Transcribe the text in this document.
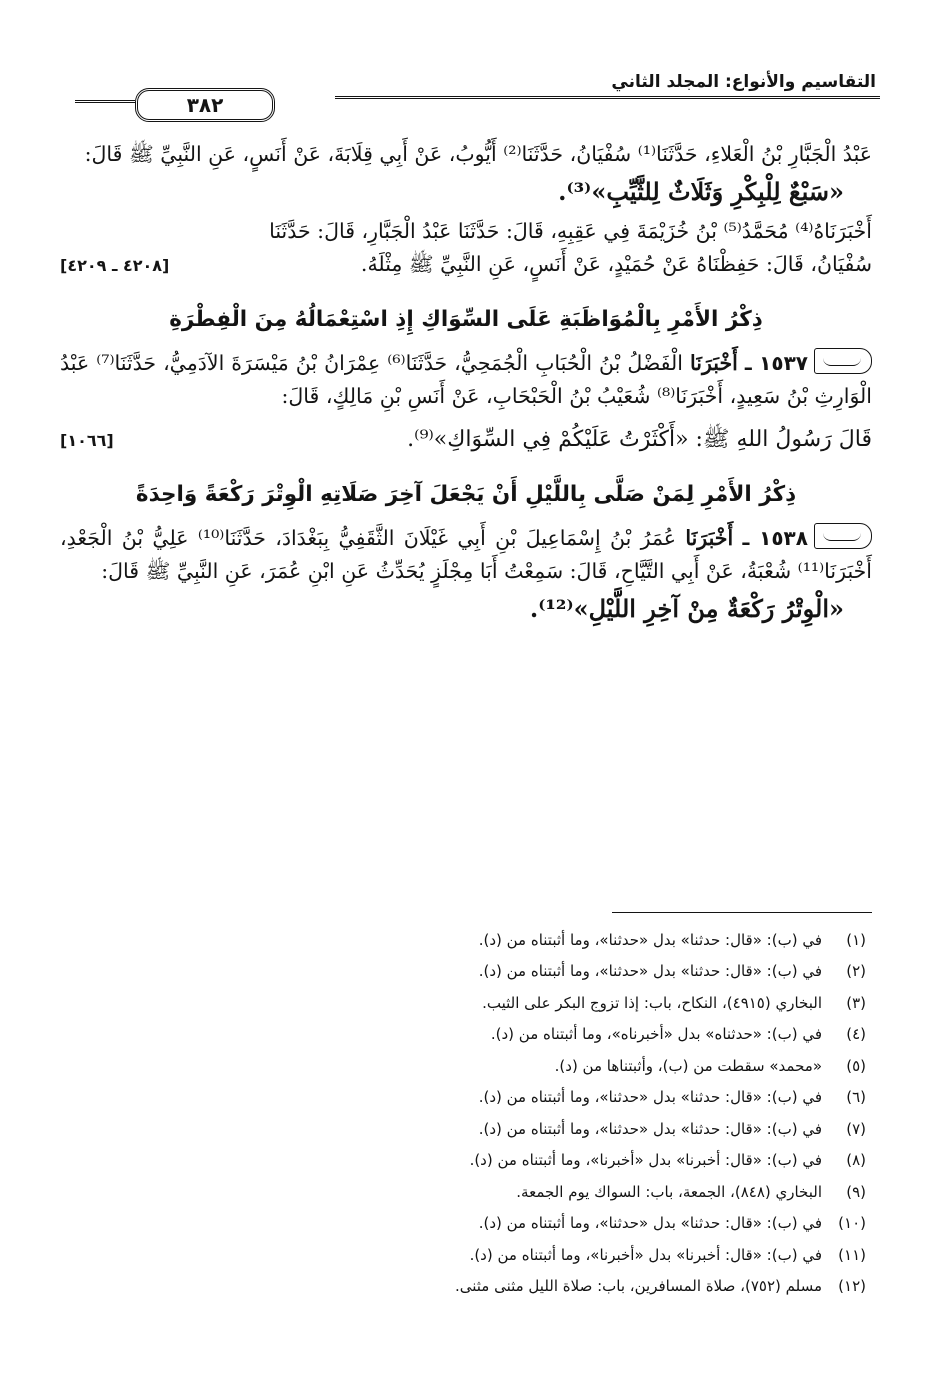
التقاسيم والأنواع: المجلد الثاني
٣٨٢

عَبْدُ الْجَبَّارِ بْنُ الْعَلاءِ، حَدَّثَنَا⁽¹⁾ سُفْيَانُ، حَدَّثَنَا⁽²⁾ أَيُّوبُ، عَنْ أَبِي قِلَابَةَ، عَنْ أَنَسٍ، عَنِ النَّبِيِّ ﷺ قَالَ:

«سَبْعٌ لِلْبِكْرِ وَثَلَاثٌ لِلثَّيِّبِ»⁽³⁾.

أَخْبَرَنَاهُ⁽⁴⁾ مُحَمَّدُ⁽⁵⁾ بْنُ خُزَيْمَةَ فِي عَقِبِهِ، قَالَ: حَدَّثَنَا عَبْدُ الْجَبَّارِ، قَالَ: حَدَّثَنَا

سُفْيَانُ، قَالَ: حَفِظْنَاهُ عَنْ حُمَيْدٍ، عَنْ أَنَسٍ، عَنِ النَّبِيِّ ﷺ مِثْلَهُ.
[٤٢٠٨ ـ ٤٢٠٩]
ذِكْرُ الأَمْرِ بِالْمُوَاظَبَةِ عَلَى السِّوَاكِ إِذِ اسْتِعْمَالُهُ مِنَ الْفِطْرَةِ

١٥٣٧ ـ أَخْبَرَنَا الْفَضْلُ بْنُ الْحُبَابِ الْجُمَحِيُّ، حَدَّثَنَا⁽⁶⁾ عِمْرَانُ بْنُ مَيْسَرَةَ الآدَمِيُّ، حَدَّثَنَا⁽⁷⁾ عَبْدُ الْوَارِثِ بْنُ سَعِيدٍ، أَخْبَرَنَا⁽⁸⁾ شُعَيْبُ بْنُ الْحَبْحَابِ، عَنْ أَنَسِ بْنِ مَالِكٍ، قَالَ:

قَالَ رَسُولُ اللهِ ﷺ: «أَكْثَرْتُ عَلَيْكُمْ فِي السِّوَاكِ»⁽⁹⁾.
[١٠٦٦]
ذِكْرُ الأَمْرِ لِمَنْ صَلَّى بِاللَّيْلِ أَنْ يَجْعَلَ آخِرَ صَلَاتِهِ الْوِتْرَ رَكْعَةً وَاحِدَةً

١٥٣٨ ـ أَخْبَرَنَا عُمَرُ بْنُ إِسْمَاعِيلَ بْنِ أَبِي غَيْلَانَ الثَّقَفِيُّ بِبَغْدَادَ، حَدَّثَنَا⁽¹⁰⁾ عَلِيُّ بْنُ الْجَعْدِ، أَخْبَرَنَا⁽¹¹⁾ شُعْبَةُ، عَنْ أَبِي التَّيَّاحِ، قَالَ: سَمِعْتُ أَبَا مِجْلَزٍ يُحَدِّثُ عَنِ ابْنِ عُمَرَ، عَنِ النَّبِيِّ ﷺ قَالَ:

«الْوِتْرُ رَكْعَةٌ مِنْ آخِرِ اللَّيْلِ»⁽¹²⁾.

(١)
في (ب): «قال: حدثنا» بدل «حدثنا»، وما أثبتناه من (د).
(٢)
في (ب): «قال: حدثنا» بدل «حدثنا»، وما أثبتناه من (د).
(٣)
البخاري (٤٩١٥)، النكاح، باب: إذا تزوج البكر على الثيب.
(٤)
في (ب): «حدثناه» بدل «أخبرناه»، وما أثبتناه من (د).
(٥)
«محمد» سقطت من (ب)، وأثبتناها من (د).
(٦)
في (ب): «قال: حدثنا» بدل «حدثنا»، وما أثبتناه من (د).
(٧)
في (ب): «قال: حدثنا» بدل «حدثنا»، وما أثبتناه من (د).
(٨)
في (ب): «قال: أخبرنا» بدل «أخبرنا»، وما أثبتناه من (د).
(٩)
البخاري (٨٤٨)، الجمعة، باب: السواك يوم الجمعة.
(١٠)
في (ب): «قال: حدثنا» بدل «حدثنا»، وما أثبتناه من (د).
(١١)
في (ب): «قال: أخبرنا» بدل «أخبرنا»، وما أثبتناه من (د).
(١٢)
مسلم (٧٥٢)، صلاة المسافرين، باب: صلاة الليل مثنى مثنى.
